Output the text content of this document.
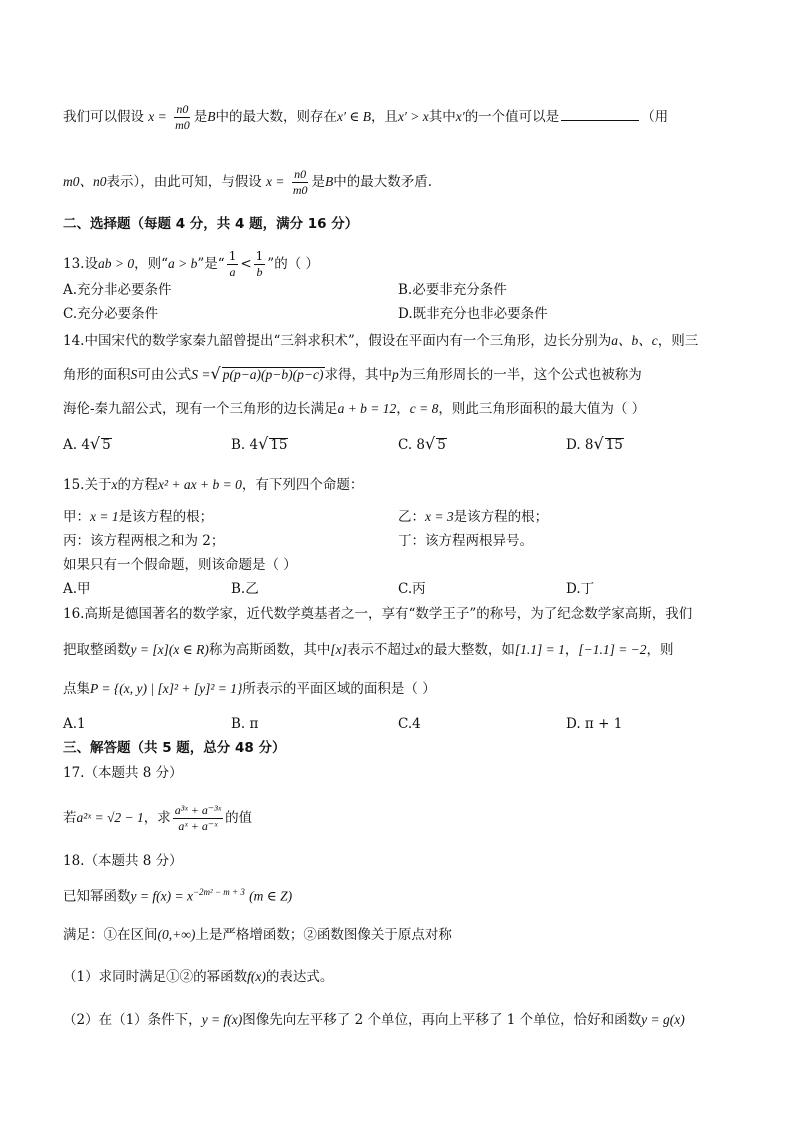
我们可以假设 $x = \frac{n0}{m0}$ 是B中的最大数，则存在x′ ∈ B，且x′ > x其中x′的一个值可以是	（用
m0、n0表示），由此可知，与假设 $x = \frac{n0}{m0}$ 是B中的最大数矛盾.
二、选择题（每题 4 分，共 4 题，满分 16 分）
13.设ab > 0，则“a > b”是“ $\frac{1}{a} < \frac{1}{b}$ ”的（ ）
A.充分非必要条件	B.必要非充分条件
C.充分必要条件	D.既非充分也非必要条件
14.中国宋代的数学家秦九韶曾提出“三斜求积术”，假设在平面内有一个三角形，边长分别为a、b、c，则三
角形的面积S可由公式S =√ p(p−a)(p−b)(p−c)求得，其中p为三角形周长的一半，这个公式也被称为
海伦-秦九韶公式，现有一个三角形的边长满足a + b = 12，c = 8，则此三角形面积的最大值为（ ）
A. 4√ 5	B. 4√ 15	C. 8√ 5	D. 8√ 15
15.关于x的方程x² + ax + b = 0，有下列四个命题：
甲：x = 1是该方程的根；	乙：x = 3是该方程的根；
丙：该方程两根之和为 2；	丁：该方程两根异号。
如果只有一个假命题，则该命题是（ ）
A.甲	B.乙	C.丙	D.丁
16.高斯是德国著名的数学家，近代数学奠基者之一，享有“数学王子”的称号，为了纪念数学家高斯，我们
把取整函数y = [x](x ∈ R)称为高斯函数，其中[x]表示不超过x的最大整数，如[1.1] = 1，[−1.1] = −2，则
点集P = {(x, y) | [x]² + [y]² = 1}所表示的平面区域的面积是（ ）
A.1	B. π	C.4	D. π + 1
三、解答题（共 5 题，总分 48 分）
17.（本题共 8 分）
若a²ˣ = √2 − 1，求 $\frac{\text{a³ˣ + a⁻³ˣ}}{\text{aˣ + a⁻ˣ}}$ 的值
18.（本题共 8 分）
已知幂函数$y = f(x) = x^{-2m^2 - m + 3}$ (m ∈ Z)
满足：①在区间(0,+∞)上是严格增函数；②函数图像关于原点对称
（1）求同时满足①②的幂函数f(x)的表达式。
（2）在（1）条件下，y = f(x)图像先向左平移了 2 个单位，再向上平移了 1 个单位，恰好和函数y = g(x)
